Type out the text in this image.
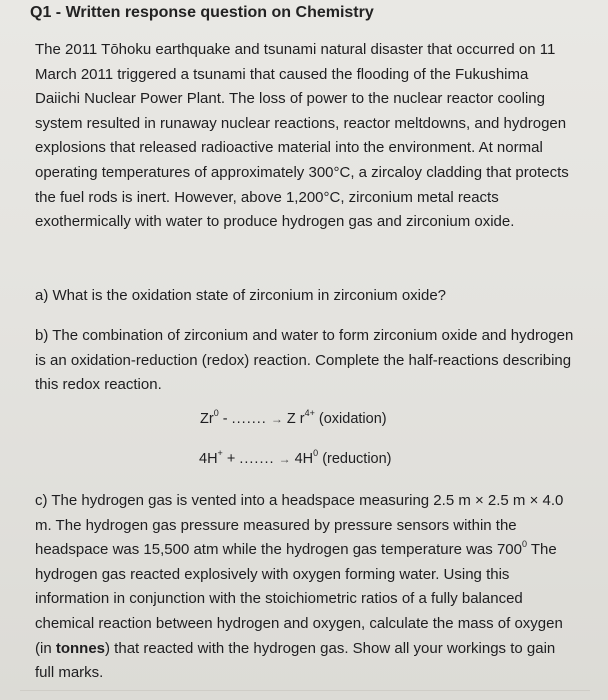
Q1 - Written response question on Chemistry

The 2011 Tōhoku earthquake and tsunami natural disaster that occurred on 11 March 2011 triggered a tsunami that caused the flooding of the Fukushima Daiichi Nuclear Power Plant. The loss of power to the nuclear reactor cooling system resulted in runaway nuclear reactions, reactor meltdowns, and hydrogen explosions that released radioactive material into the environment. At normal operating temperatures of approximately 300°C, a zircaloy cladding that protects the fuel rods is inert. However, above 1,200°C, zirconium metal reacts exothermically with water to produce hydrogen gas and zirconium oxide.

a) What is the oxidation state of zirconium in zirconium oxide?

b) The combination of zirconium and water to form zirconium oxide and hydrogen is an oxidation-reduction (redox) reaction. Complete the half-reactions describing this redox reaction.

Zr$^0$ - ....... → Z $r^{4+}$ (oxidation)
4H+ + ....... → $4H^0$ (reduction)

c) The hydrogen gas is vented into a headspace measuring 2.5 m × 2.5 m × 4.0 m. The hydrogen gas pressure measured by pressure sensors within the headspace was 15,500 atm while the hydrogen gas temperature was $700^0$ The hydrogen gas reacted explosively with oxygen forming water. Using this information in conjunction with the stoichiometric ratios of a fully balanced chemical reaction between hydrogen and oxygen, calculate the mass of oxygen (in tonnes) that reacted with the hydrogen gas. Show all your workings to gain full marks.
